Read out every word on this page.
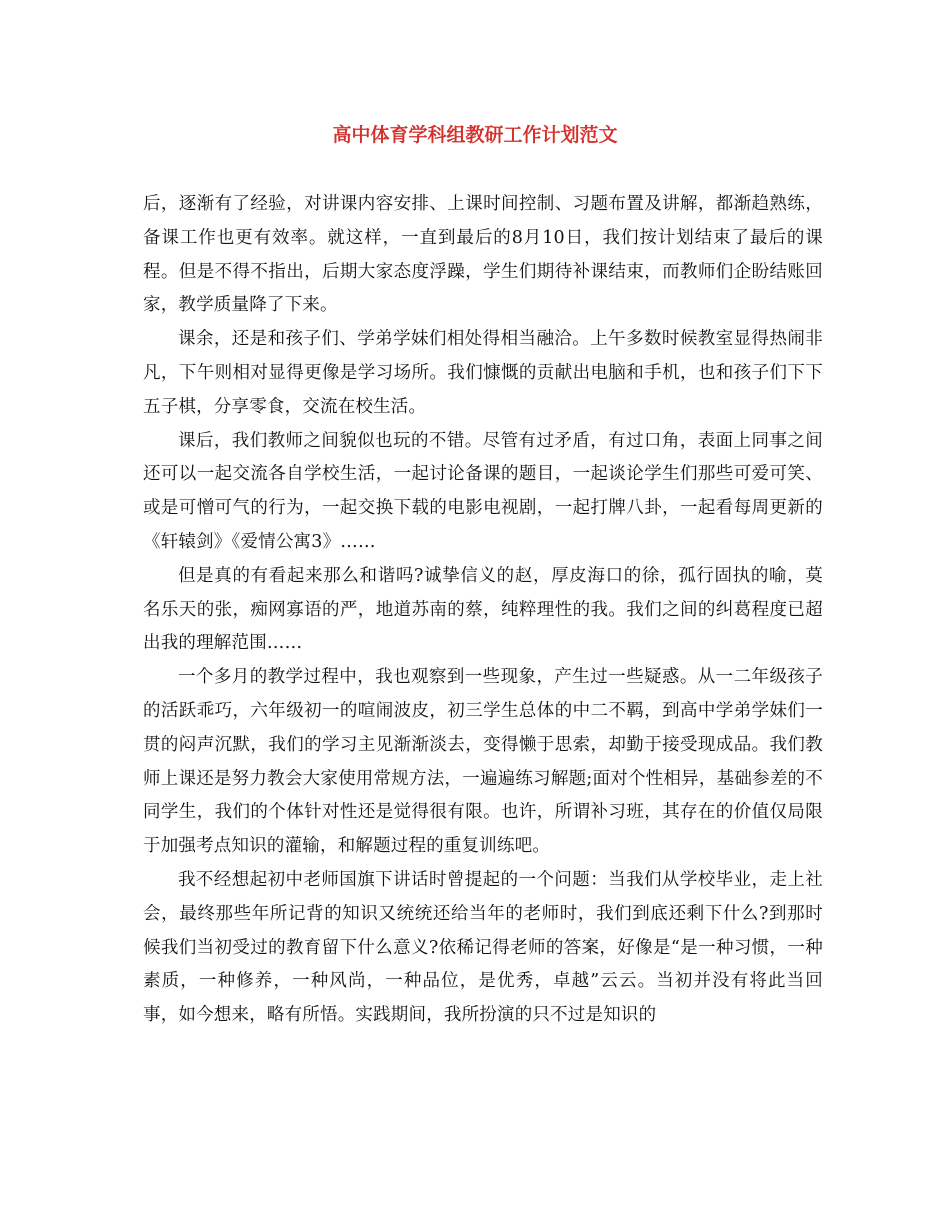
高中体育学科组教研工作计划范文

后，逐渐有了经验，对讲课内容安排、上课时间控制、习题布置及讲解，都渐趋熟练，备课工作也更有效率。就这样，一直到最后的8月10日，我们按计划结束了最后的课程。但是不得不指出，后期大家态度浮躁，学生们期待补课结束，而教师们企盼结账回家，教学质量降了下来。

课余，还是和孩子们、学弟学妹们相处得相当融洽。上午多数时候教室显得热闹非凡，下午则相对显得更像是学习场所。我们慷慨的贡献出电脑和手机，也和孩子们下下五子棋，分享零食，交流在校生活。

课后，我们教师之间貌似也玩的不错。尽管有过矛盾，有过口角，表面上同事之间还可以一起交流各自学校生活，一起讨论备课的题目，一起谈论学生们那些可爱可笑、或是可憎可气的行为，一起交换下载的电影电视剧，一起打牌八卦，一起看每周更新的《轩辕剑》《爱情公寓3》……

但是真的有看起来那么和谐吗?诚挚信义的赵，厚皮海口的徐，孤行固执的喻，莫名乐天的张，痴网寡语的严，地道苏南的蔡，纯粹理性的我。我们之间的纠葛程度已超出我的理解范围……

一个多月的教学过程中，我也观察到一些现象，产生过一些疑惑。从一二年级孩子的活跃乖巧，六年级初一的喧闹波皮，初三学生总体的中二不羁，到高中学弟学妹们一贯的闷声沉默，我们的学习主见渐渐淡去，变得懒于思索，却勤于接受现成品。我们教师上课还是努力教会大家使用常规方法，一遍遍练习解题;面对个性相异，基础参差的不同学生，我们的个体针对性还是觉得很有限。也许，所谓补习班，其存在的价值仅局限于加强考点知识的灌输，和解题过程的重复训练吧。

我不经想起初中老师国旗下讲话时曾提起的一个问题：当我们从学校毕业，走上社会，最终那些年所记背的知识又统统还给当年的老师时，我们到底还剩下什么?到那时候我们当初受过的教育留下什么意义?依稀记得老师的答案，好像是“是一种习惯，一种素质，一种修养，一种风尚，一种品位，是优秀，卓越”云云。当初并没有将此当回事，如今想来，略有所悟。实践期间，我所扮演的只不过是知识的
